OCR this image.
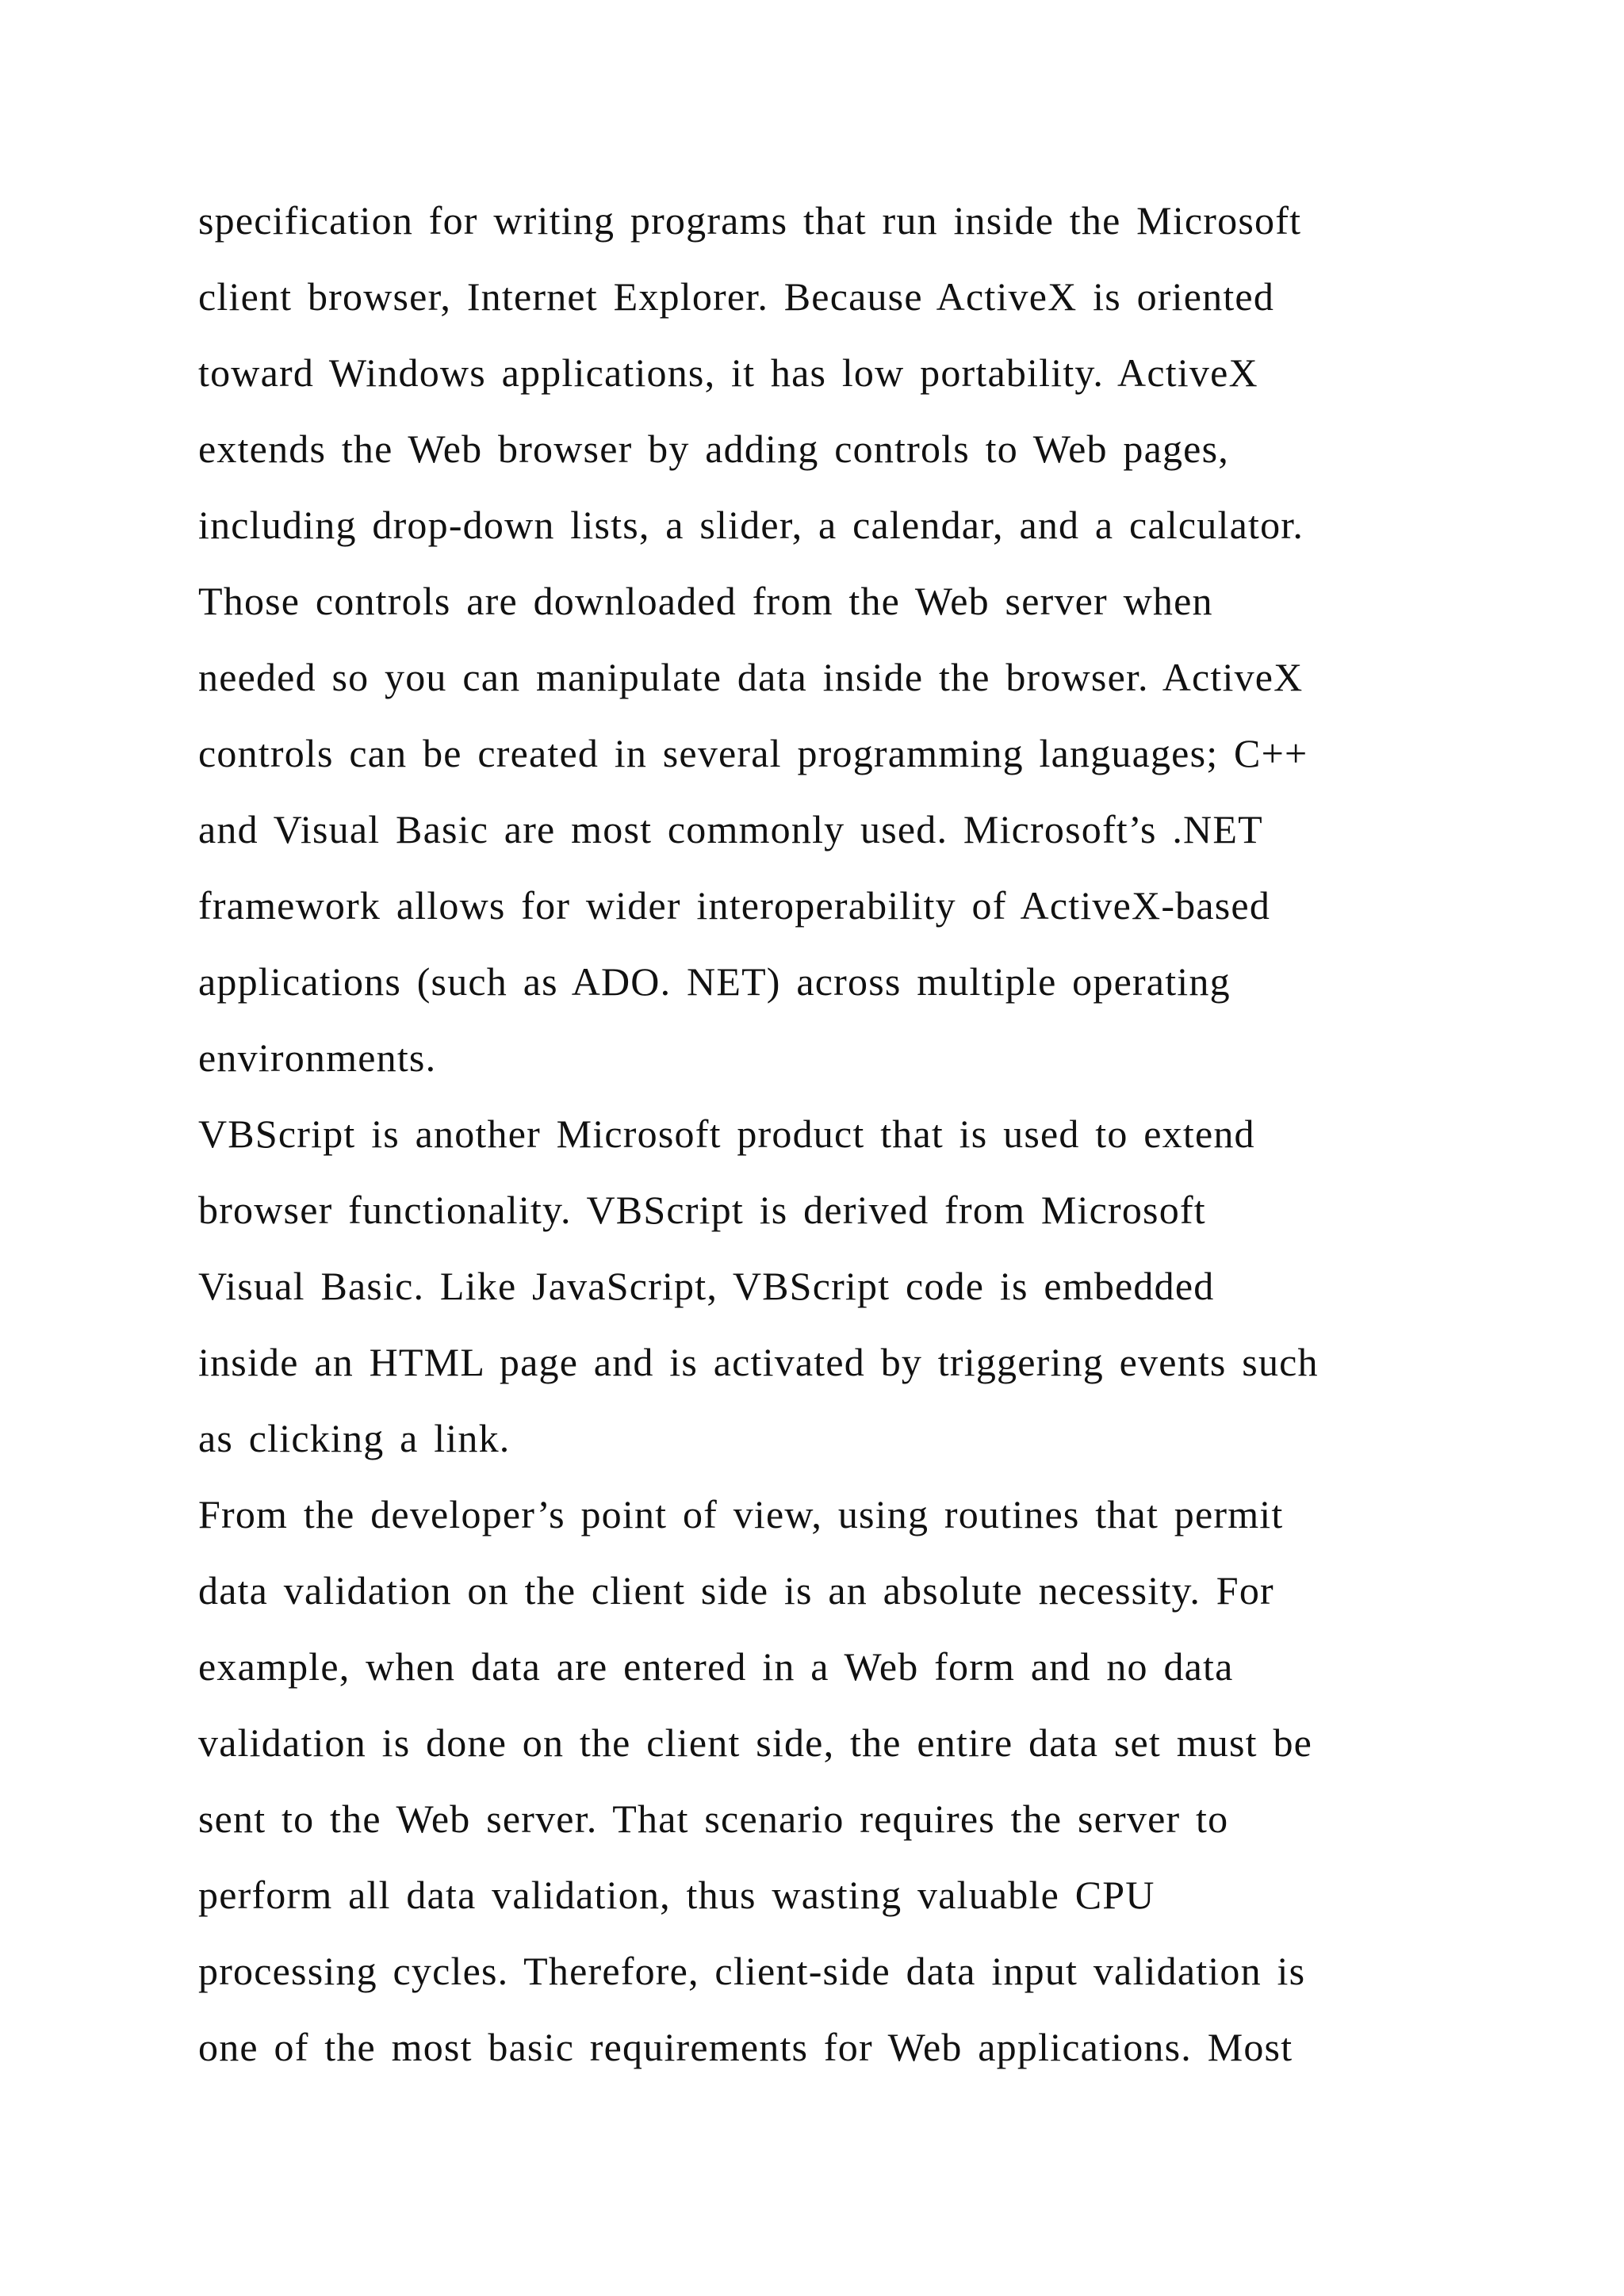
specification for writing programs that run inside the Microsoft
client browser, Internet Explorer. Because ActiveX is oriented
toward Windows applications, it has low portability. ActiveX
extends the Web browser by adding controls to Web pages,
including drop-down lists, a slider, a calendar, and a calculator.
Those controls are downloaded from the Web server when
needed so you can manipulate data inside the browser. ActiveX
controls can be created in several programming languages; C++
and Visual Basic are most commonly used. Microsoft’s .NET
framework allows for wider interoperability of ActiveX-based
applications (such as ADO. NET) across multiple operating
environments.
VBScript is another Microsoft product that is used to extend
browser functionality. VBScript is derived from Microsoft
Visual Basic. Like JavaScript, VBScript code is embedded
inside an HTML page and is activated by triggering events such
as clicking a link.
From the developer’s point of view, using routines that permit
data validation on the client side is an absolute necessity. For
example, when data are entered in a Web form and no data
validation is done on the client side, the entire data set must be
sent to the Web server. That scenario requires the server to
perform all data validation, thus wasting valuable CPU
processing cycles. Therefore, client-side data input validation is
one of the most basic requirements for Web applications. Most
